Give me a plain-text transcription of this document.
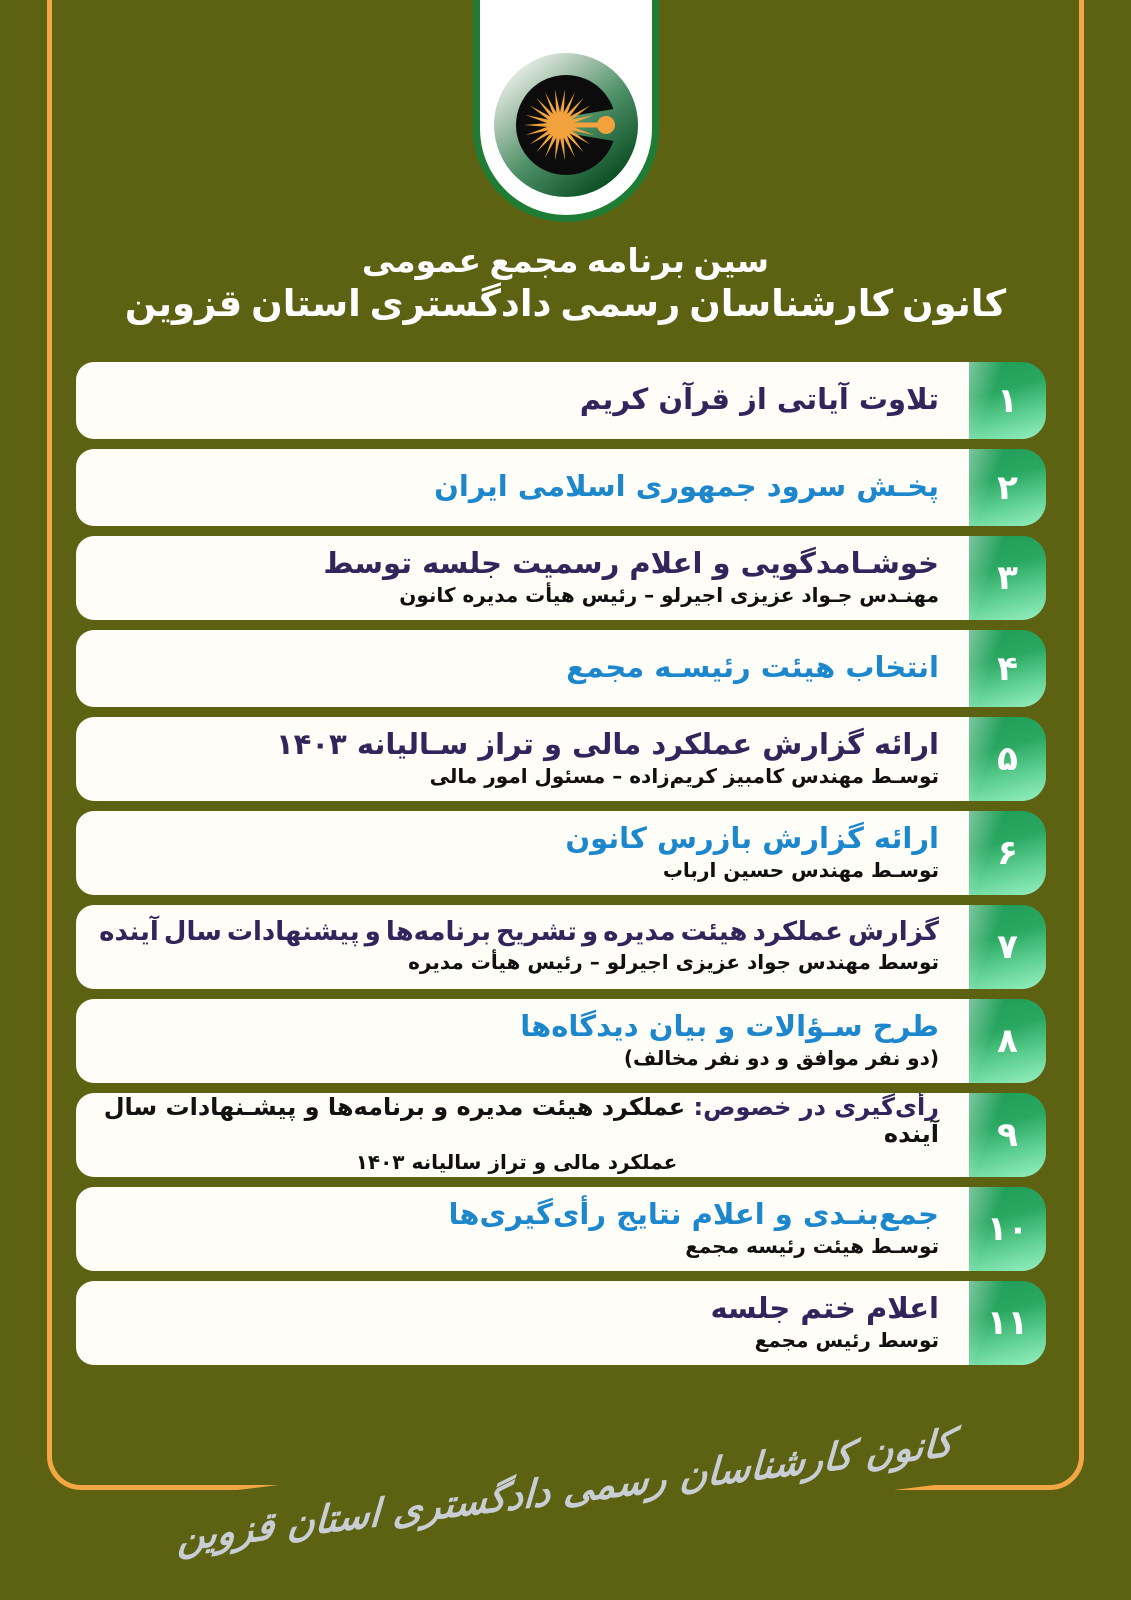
سین برنامه مجمع عمومی
کانون کارشناسان رسمی دادگستری استان قزوین
تلاوت آیاتی از قرآن کریم ۱
پخـش سرود جمهوری اسلامی ایران ۲
خوشـامدگویی و اعلام رسمیت جلسه توسط
مهنـدس جـواد عزیزی اجیرلو – رئیس هیأت مدیره کانون ۳
انتخاب هیئت رئیسـه مجمع ۴
ارائه گزارش عملکرد مالی و تراز سـالیانه ۱۴۰۳
توسـط مهندس کامبیز کریم‌زاده – مسئول امور مالی ۵
ارائه گزارش بازرس کانون
توسـط مهندس حسین ارباب ۶
گزارش عملکرد هیئت مدیره و تشریح برنامه‌ها و پیشنهادات سال آینده
توسط مهندس جواد عزیزی اجیرلو – رئیس هیأت مدیره ۷
طرح سـؤالات و بیان دیدگاه‌ها
(دو نفر موافق و دو نفر مخالف) ۸
رأی‌گیری در خصوص: عملکرد هیئت مدیره و برنامه‌ها و پیشـنهادات سال آینده
عملکرد مالی و تراز سالیانه ۱۴۰۳
۹
جمع‌بنـدی و اعلام نتایج رأی‌گیری‌ها
توسـط هیئت رئیسه مجمع ۱۰
اعلام ختم جلسه
توسط رئیس مجمع ۱۱
کانون کارشناسان رسمی دادگستری استان قزوین
